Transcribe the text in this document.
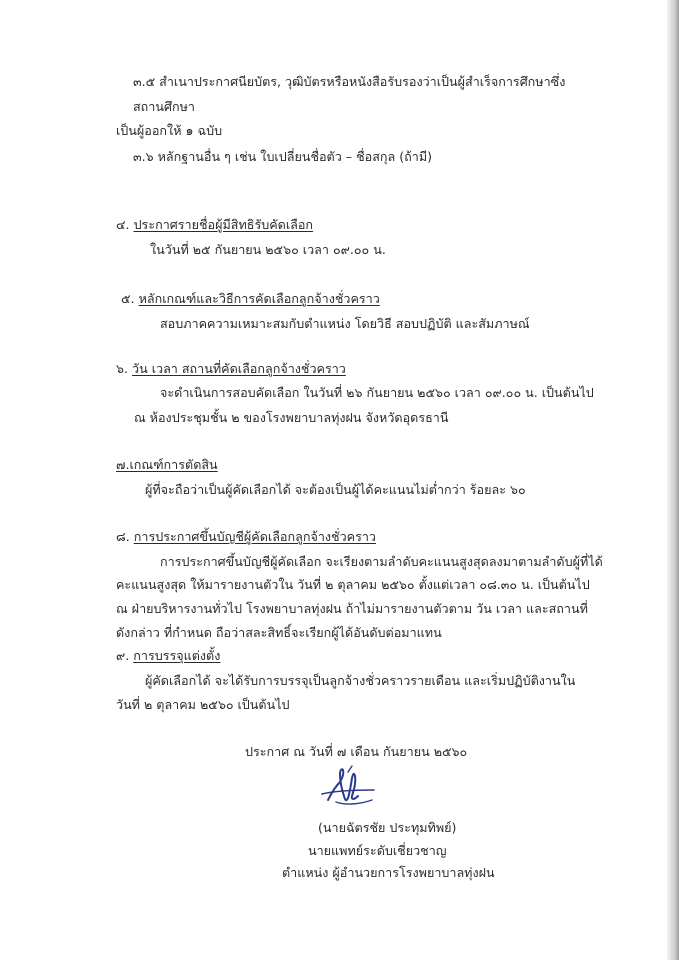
๓.๕ สำเนาประกาศนียบัตร, วุฒิบัตรหรือหนังสือรับรองว่าเป็นผู้สำเร็จการศึกษาซึ่ง
สถานศึกษา
เป็นผู้ออกให้ ๑ ฉบับ
๓.๖ หลักฐานอื่น ๆ เช่น ใบเปลี่ยนชื่อตัว – ชื่อสกุล (ถ้ามี)
๔. ประกาศรายชื่อผู้มีสิทธิรับคัดเลือก
ในวันที่ ๒๕ กันยายน ๒๕๖๐ เวลา ๐๙.๐๐ น.
๕. หลักเกณฑ์และวิธีการคัดเลือกลูกจ้างชั่วคราว
สอบภาคความเหมาะสมกับตำแหน่ง โดยวิธี สอบปฏิบัติ และสัมภาษณ์
๖. วัน เวลา สถานที่คัดเลือกลูกจ้างชั่วคราว
จะดำเนินการสอบคัดเลือก ในวันที่ ๒๖ กันยายน ๒๕๖๐ เวลา ๐๙.๐๐ น. เป็นต้นไป
ณ ห้องประชุมชั้น ๒ ของโรงพยาบาลทุ่งฝน จังหวัดอุดรธานี
๗.เกณฑ์การตัดสิน
ผู้ที่จะถือว่าเป็นผู้คัดเลือกได้ จะต้องเป็นผู้ได้คะแนนไม่ต่ำกว่า ร้อยละ ๖๐
๘. การประกาศขึ้นบัญชีผู้คัดเลือกลูกจ้างชั่วคราว
การประกาศขึ้นบัญชีผู้คัดเลือก จะเรียงตามลำดับคะแนนสูงสุดลงมาตามลำดับผู้ที่ได้
คะแนนสูงสุด ให้มารายงานตัวใน วันที่ ๒ ตุลาคม ๒๕๖๐ ตั้งแต่เวลา ๐๘.๓๐ น. เป็นต้นไป
ณ ฝ่ายบริหารงานทั่วไป โรงพยาบาลทุ่งฝน ถ้าไม่มารายงานตัวตาม วัน เวลา และสถานที่
ดังกล่าว ที่กำหนด ถือว่าสละสิทธิ์จะเรียกผู้ได้อันดับต่อมาแทน
๙. การบรรจุแต่งตั้ง
ผู้คัดเลือกได้ จะได้รับการบรรจุเป็นลูกจ้างชั่วคราวรายเดือน และเริ่มปฏิบัติงานใน
วันที่ ๒ ตุลาคม ๒๕๖๐ เป็นต้นไป
ประกาศ ณ วันที่ ๗ เดือน กันยายน ๒๕๖๐
(นายฉัตรชัย ประทุมทิพย์)
นายแพทย์ระดับเชี่ยวชาญ
ตำแหน่ง ผู้อำนวยการโรงพยาบาลทุ่งฝน
